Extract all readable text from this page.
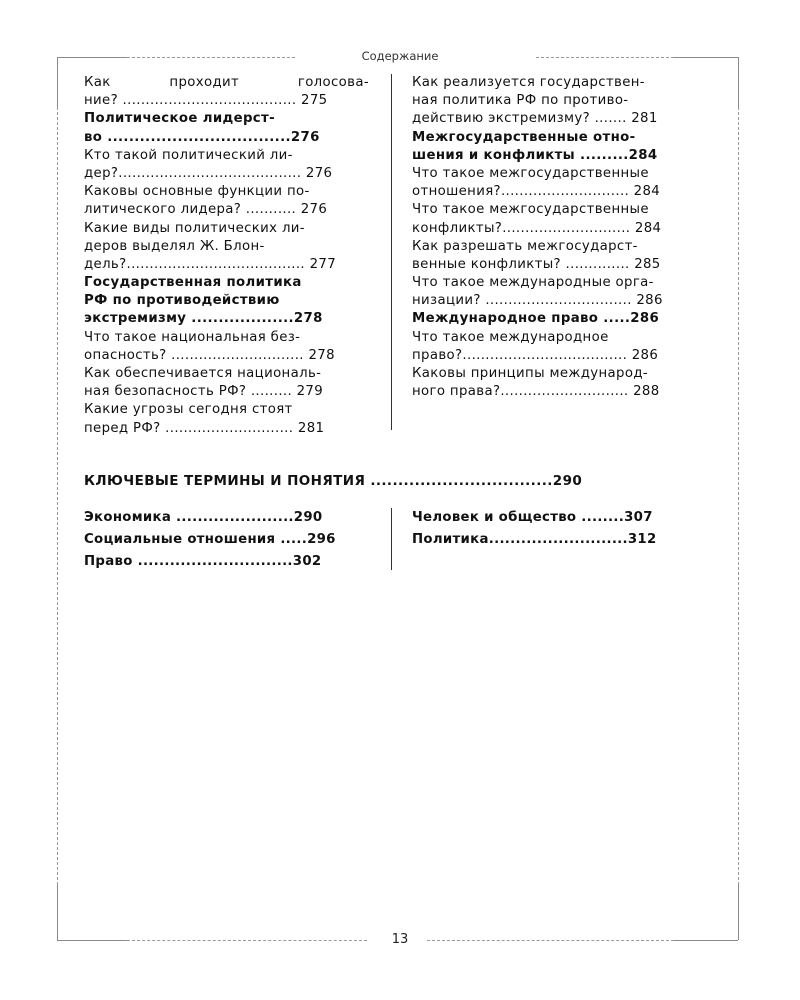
Содержание
Как проходит голосова-
ние? ...................................... 275
Политическое лидерст-
во ..................................276
Кто такой политический ли-
дер?........................................ 276
Каковы основные функции по-
литического лидера? ........... 276
Какие виды политических ли-
деров выделял Ж. Блон-
дель?....................................... 277
Государственная политика
РФ по противодействию
экстремизму ...................278
Что такое национальная без-
опасность? ............................. 278
Как обеспечивается националь-
ная безопасность РФ? ......... 279
Какие угрозы сегодня стоят
перед РФ? ............................ 281
Как реализуется государствен-
ная политика РФ по противо-
действию экстремизму? ....... 281
Межгосударственные отно-
шения и конфликты .........284
Что такое межгосударственные
отношения?............................ 284
Что такое межгосударственные
конфликты?............................ 284
Как разрешать межгосударст-
венные конфликты? .............. 285
Что такое международные орга-
низации? ................................ 286
Международное право .....286
Что такое международное
право?.................................... 286
Каковы принципы международ-
ного права?............................ 288
КЛЮЧЕВЫЕ ТЕРМИНЫ И ПОНЯТИЯ .................................290
Экономика ......................290
Социальные отношения .....296
Право .............................302
Человек и общество ........307
Политика..........................312
13
